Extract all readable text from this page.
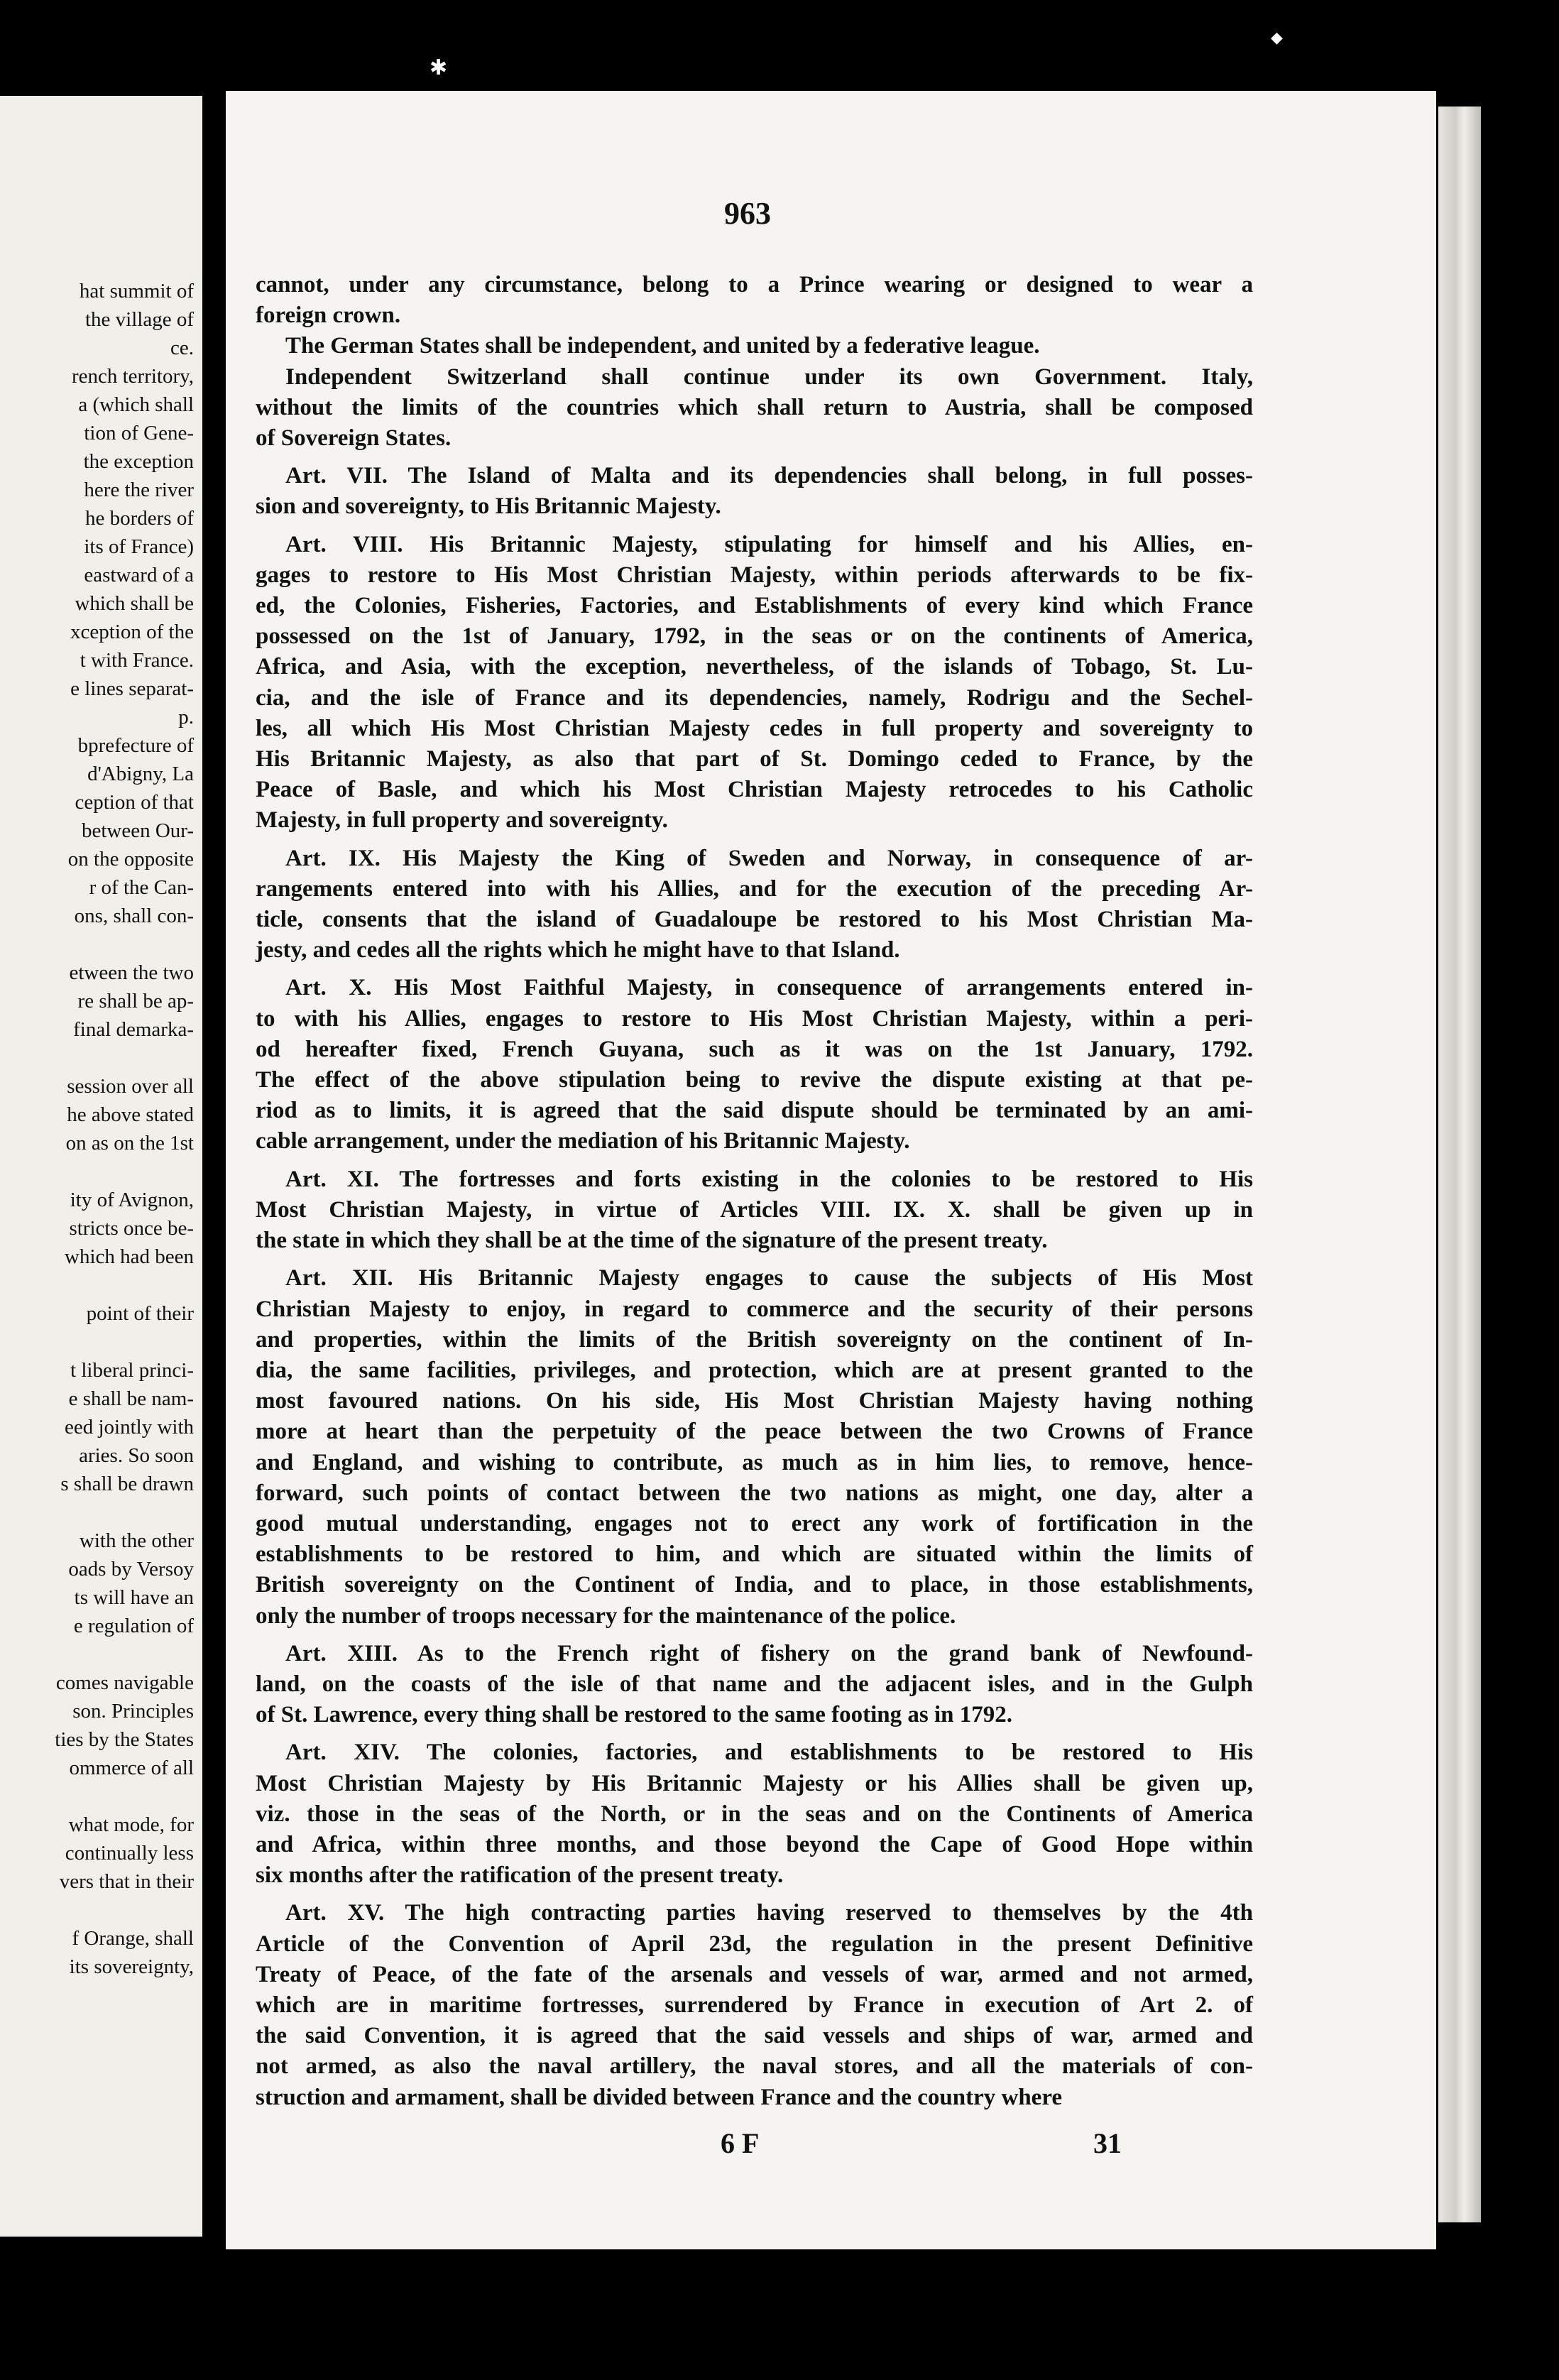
hat summit of
the village of
ce.
rench territory,
a (which shall
tion of Gene-
the exception
here the river
he borders of
its of France)
eastward of a
which shall be
xception of the
t with France.
e lines separat-
p.
bprefecture of
d'Abigny, La
ception of that
between Our-
on the opposite
r of the Can-
ons, shall con-
etween the two
re shall be ap-
final demarka-
session over all
he above stated
on as on the 1st
ity of Avignon,
stricts once be-
which had been
point of their
t liberal princi-
e shall be nam-
eed jointly with
aries. So soon
s shall be drawn
with the other
oads by Versoy
ts will have an
e regulation of
comes navigable
son. Principles
ties by the States
ommerce of all
what mode, for
continually less
vers that in their
f Orange, shall
its sovereignty,
✱
◆
963
cannot, under any circumstance, belong to a Prince wearing or designed to wear a
foreign crown.
The German States shall be independent, and united by a federative league.
Independent Switzerland shall continue under its own Government. Italy,
without the limits of the countries which shall return to Austria, shall be composed
of Sovereign States.
Art. VII. The Island of Malta and its dependencies shall belong, in full posses-
sion and sovereignty, to His Britannic Majesty.
Art. VIII. His Britannic Majesty, stipulating for himself and his Allies, en-
gages to restore to His Most Christian Majesty, within periods afterwards to be fix-
ed, the Colonies, Fisheries, Factories, and Establishments of every kind which France
possessed on the 1st of January, 1792, in the seas or on the continents of America,
Africa, and Asia, with the exception, nevertheless, of the islands of Tobago, St. Lu-
cia, and the isle of France and its dependencies, namely, Rodrigu and the Sechel-
les, all which His Most Christian Majesty cedes in full property and sovereignty to
His Britannic Majesty, as also that part of St. Domingo ceded to France, by the
Peace of Basle, and which his Most Christian Majesty retrocedes to his Catholic
Majesty, in full property and sovereignty.
Art. IX. His Majesty the King of Sweden and Norway, in consequence of ar-
rangements entered into with his Allies, and for the execution of the preceding Ar-
ticle, consents that the island of Guadaloupe be restored to his Most Christian Ma-
jesty, and cedes all the rights which he might have to that Island.
Art. X. His Most Faithful Majesty, in consequence of arrangements entered in-
to with his Allies, engages to restore to His Most Christian Majesty, within a peri-
od hereafter fixed, French Guyana, such as it was on the 1st January, 1792.
The effect of the above stipulation being to revive the dispute existing at that pe-
riod as to limits, it is agreed that the said dispute should be terminated by an ami-
cable arrangement, under the mediation of his Britannic Majesty.
Art. XI. The fortresses and forts existing in the colonies to be restored to His
Most Christian Majesty, in virtue of Articles VIII. IX. X. shall be given up in
the state in which they shall be at the time of the signature of the present treaty.
Art. XII. His Britannic Majesty engages to cause the subjects of His Most
Christian Majesty to enjoy, in regard to commerce and the security of their persons
and properties, within the limits of the British sovereignty on the continent of In-
dia, the same facilities, privileges, and protection, which are at present granted to the
most favoured nations. On his side, His Most Christian Majesty having nothing
more at heart than the perpetuity of the peace between the two Crowns of France
and England, and wishing to contribute, as much as in him lies, to remove, hence-
forward, such points of contact between the two nations as might, one day, alter a
good mutual understanding, engages not to erect any work of fortification in the
establishments to be restored to him, and which are situated within the limits of
British sovereignty on the Continent of India, and to place, in those establishments,
only the number of troops necessary for the maintenance of the police.
Art. XIII. As to the French right of fishery on the grand bank of Newfound-
land, on the coasts of the isle of that name and the adjacent isles, and in the Gulph
of St. Lawrence, every thing shall be restored to the same footing as in 1792.
Art. XIV. The colonies, factories, and establishments to be restored to His
Most Christian Majesty by His Britannic Majesty or his Allies shall be given up,
viz. those in the seas of the North, or in the seas and on the Continents of America
and Africa, within three months, and those beyond the Cape of Good Hope within
six months after the ratification of the present treaty.
Art. XV. The high contracting parties having reserved to themselves by the 4th
Article of the Convention of April 23d, the regulation in the present Definitive
Treaty of Peace, of the fate of the arsenals and vessels of war, armed and not armed,
which are in maritime fortresses, surrendered by France in execution of Art 2. of
the said Convention, it is agreed that the said vessels and ships of war, armed and
not armed, as also the naval artillery, the naval stores, and all the materials of con-
struction and armament, shall be divided between France and the country where
6 F	31
